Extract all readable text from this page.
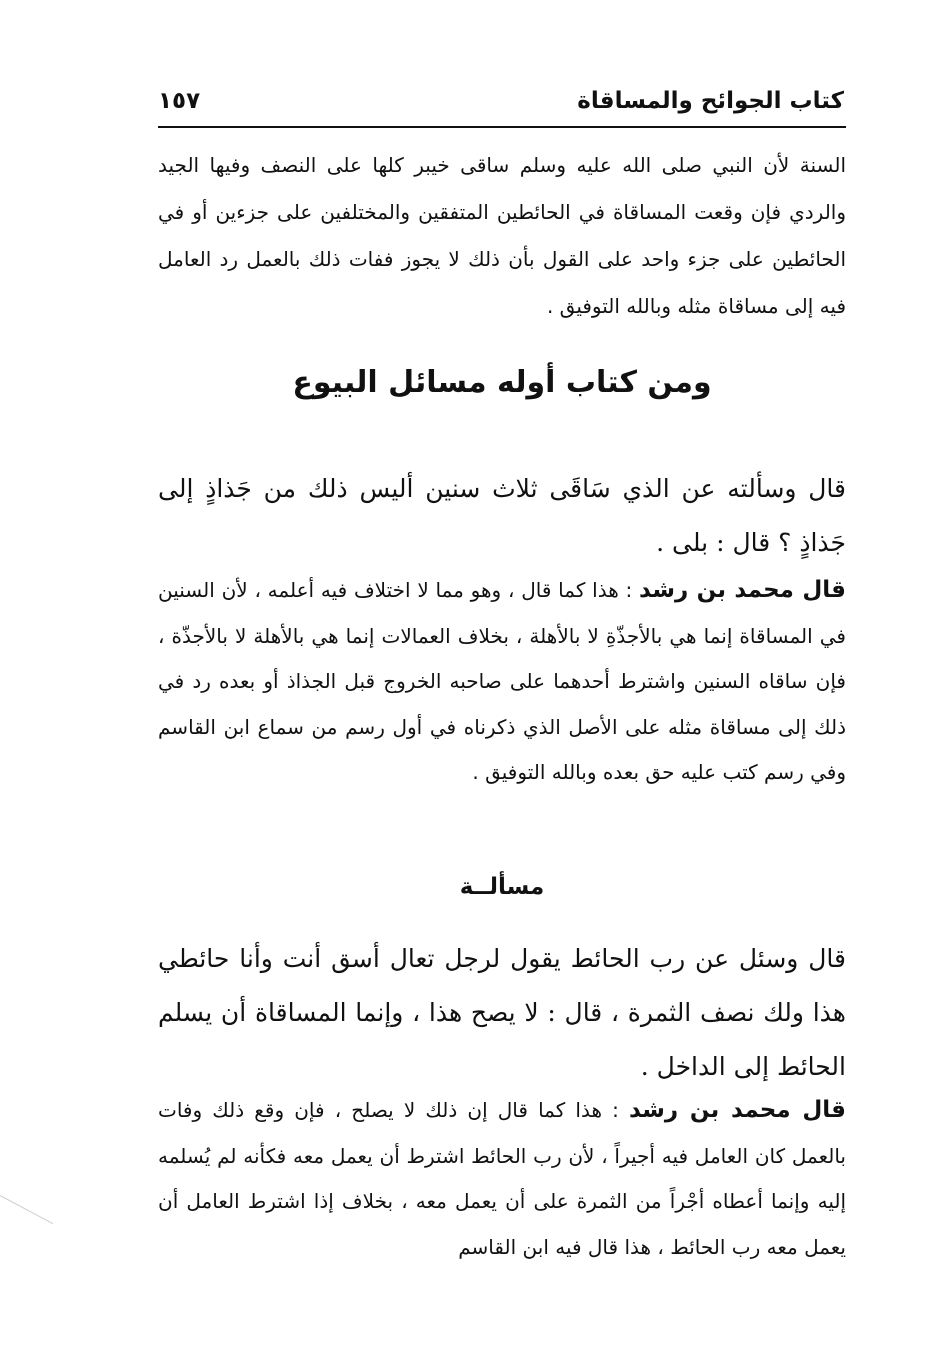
كتاب الجوائح والمساقاة
١٥٧
السنة لأن النبي صلى الله عليه وسلم ساقى خيبر كلها على النصف وفيها الجيد والردي فإن وقعت المساقاة في الحائطين المتفقين والمختلفين على جزءين أو في الحائطين على جزء واحد على القول بأن ذلك لا يجوز ففات ذلك بالعمل رد العامل فيه إلى مساقاة مثله وبالله التوفيق .
ومن كتاب أوله مسائل البيوع
قال وسألته عن الذي سَاقَى ثلاث سنين أليس ذلك من جَذاذٍ إلى جَذاذٍ ؟ قال : بلى .
قال محمد بن رشد : هذا كما قال ، وهو مما لا اختلاف فيه أعلمه ، لأن السنين في المساقاة إنما هي بالأجذّةِ لا بالأهلة ، بخلاف العمالات إنما هي بالأهلة لا بالأجذّة ، فإن ساقاه السنين واشترط أحدهما على صاحبه الخروج قبل الجذاذ أو بعده رد في ذلك إلى مساقاة مثله على الأصل الذي ذكرناه في أول رسم من سماع ابن القاسم وفي رسم كتب عليه حق بعده وبالله التوفيق .
مسألــة
قال وسئل عن رب الحائط يقول لرجل تعال أسق أنت وأنا حائطي هذا ولك نصف الثمرة ، قال : لا يصح هذا ، وإنما المساقاة أن يسلم الحائط إلى الداخل .
قال محمد بن رشد : هذا كما قال إن ذلك لا يصلح ، فإن وقع ذلك وفات بالعمل كان العامل فيه أجيراً ، لأن رب الحائط اشترط أن يعمل معه فكأنه لم يُسلمه إليه وإنما أعطاه أجْراً من الثمرة على أن يعمل معه ، بخلاف إذا اشترط العامل أن يعمل معه رب الحائط ، هذا قال فيه ابن القاسم
